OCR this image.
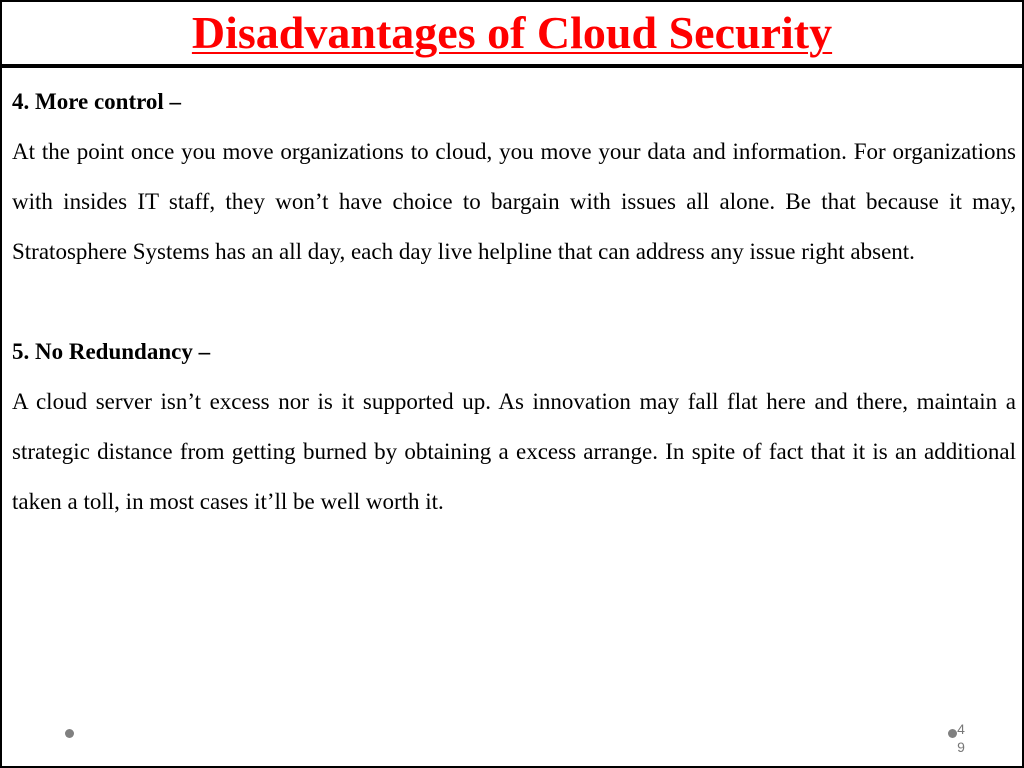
Disadvantages of Cloud Security

4. More control –

At the point once you move organizations to cloud, you move your data and information. For organizations with insides IT staff, they won’t have choice to bargain with issues all alone. Be that because it may, Stratosphere Systems has an all day, each day live helpline that can address any issue right absent.

5. No Redundancy –

A cloud server isn’t excess nor is it supported up. As innovation may fall flat here and there, maintain a strategic distance from getting burned by obtaining a excess arrange. In spite of fact that it is an additional taken a toll, in most cases it’ll be well worth it.

4
9
